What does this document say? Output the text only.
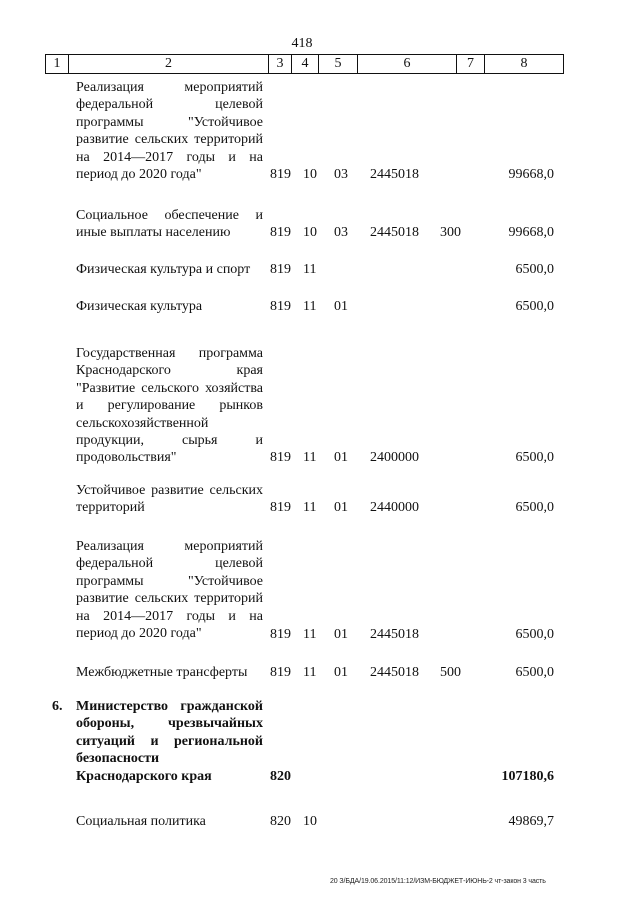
418
1	2	3	4	5	6	7	8
Реализация мероприятий федеральной целевой программы "Устойчивое развитие сельских территорий на 2014—2017 годы и на период до 2020 года"	819 10	03	2445018	99668,0
Социальное обеспечение и иные выплаты населению	819 10	03	2445018	300	99668,0
Физическая культура и спорт	819 11	6500,0
Физическая культура	819 11	01	6500,0
Государственная программа Краснодарского края "Развитие сельского хозяйства и регулирование рынков сельскохозяйственной продукции, сырья и продовольствия"	819 11	01	2400000	6500,0
Устойчивое развитие сельских территорий	819 11	01	2440000	6500,0
Реализация мероприятий федеральной целевой программы "Устойчивое развитие сельских территорий на 2014—2017 годы и на период до 2020 года"	819 11	01	2445018	6500,0
Межбюджетные трансферты	819 11	01	2445018	500	6500,0
6. Министерство гражданской обороны, чрезвычайных ситуаций и региональной безопасности Краснодарского края	820	107180,6
Социальная политика	820 10	49869,7
20 З/БДА/19.06.2015/11:12/ИЗМ-БЮДЖЕТ-ИЮНЬ-2 чт-закон 3 часть
